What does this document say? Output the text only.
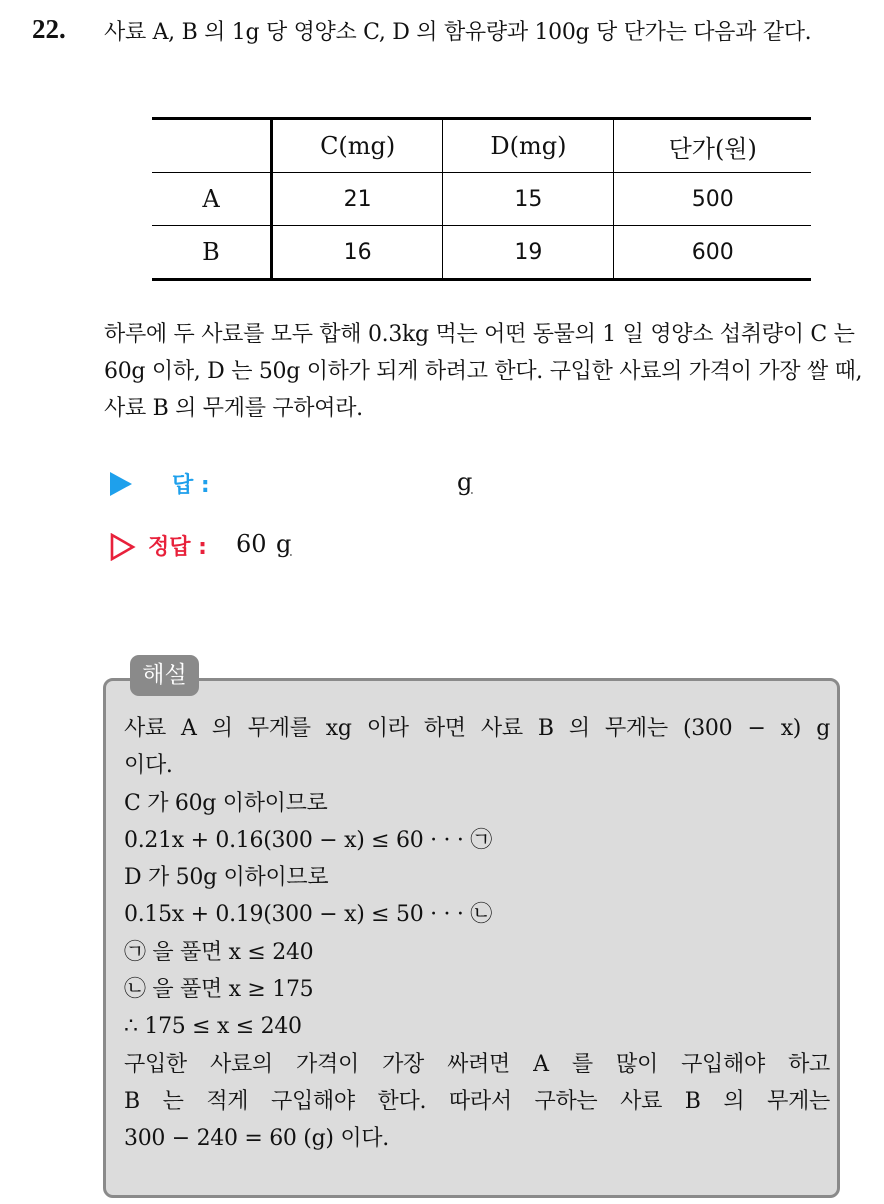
22. 사료 A, B 의 1g 당 영양소 C, D 의 함유량과 100g 당 단가는 다음과 같다.
	C(mg)	D(mg)	단가(원)
A	21	15	500
B	16	19	600
하루에 두 사료를 모두 합해 0.3kg 먹는 어떤 동물의 1 일 영양소 섭취량이 C 는 60g 이하, D 는 50g 이하가 되게 하려고 한다. 구입한 사료의 가격이 가장 쌀 때, 사료 B 의 무게를 구하여라.
답 :	g
정답 : 60 g
해설
사료 A 의 무게를 xg 이라 하면 사료 B 의 무게는 (300 − x) g
이다.
C 가 60g 이하이므로
0.21x + 0.16(300 − x) ≤ 60 · · · ㉠
D 가 50g 이하이므로
0.15x + 0.19(300 − x) ≤ 50 · · · ㉡
㉠ 을 풀면 x ≤ 240
㉡ 을 풀면 x ≥ 175
∴ 175 ≤ x ≤ 240
구입한 사료의 가격이 가장 싸려면 A 를 많이 구입해야 하고
B 는 적게 구입해야 한다. 따라서 구하는 사료 B 의 무게는
300 − 240 = 60 (g) 이다.
